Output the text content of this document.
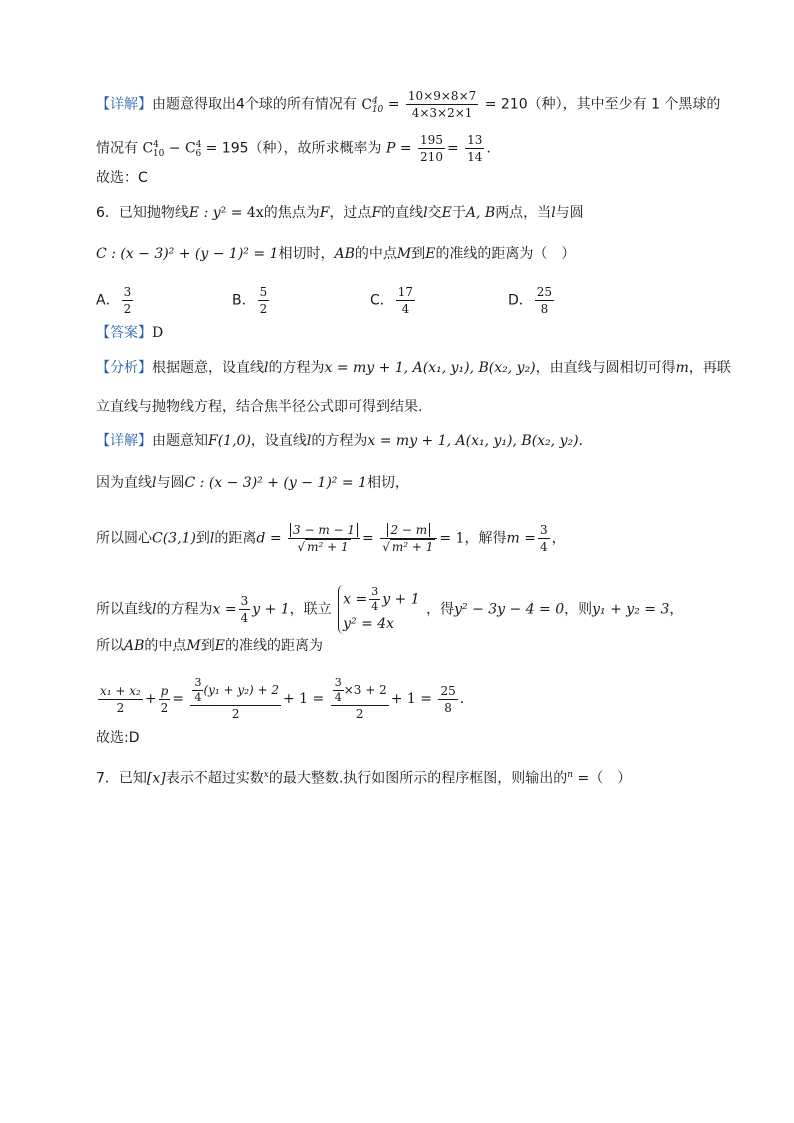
【详解】由题意得取出4个球的所有情况有 $C^4_{10} = \frac{10\times 9\times 8\times 7}{4\times 3\times 2\times 1} = 210$（种），其中至少有 1 个黑球的
情况有 $C^4_{10} - C^4_6 = 195$（种），故所求概率为 $P = \frac{195}{210} = \frac{13}{14}$ .
故选：C
6．已知抛物线E : y² = 4x的焦点为F，过点F的直线l交E于A, B两点，当l与圆
C : (x − 3)² + (y − 1)² = 1相切时，AB的中点M到E的准线的距离为（　）
A． $\frac{3}{2}$	B． $\frac{5}{2}$	C． $\frac{17}{4}$	D． $\frac{25}{8}$
【答案】D
【分析】根据题意，设直线l的方程为x = my + 1, A(x₁, y₁), B(x₂, y₂)，由直线与圆相切可得m，再联
立直线与抛物线方程，结合焦半径公式即可得到结果.
【详解】由题意知F(1,0)，设直线l的方程为x = my + 1, A(x₁, y₁), B(x₂, y₂).
因为直线l与圆C : (x − 3)² + (y − 1)² = 1相切，
所以圆心C(3,1)到l的距离$d = \frac{3 - m - 1}{\text{√ m² + 1}} = \frac{2 - m}{\text{√ m² + 1}} = 1$，解得$m = \frac{3}{4}$ ，
所以直线l的方程为$x = \frac{3}{4}$ y + 1，联立
$x = \frac{3}{4}$ y + 1
y² = 4x
，得y² − 3y − 4 = 0，则y₁ + y₂ = 3，
所以AB的中点M到E的准线的距离为
$\frac{\text{x₁ + x₂}}{2} + \frac{p}{2} = \frac{\frac{3}{4} (y_1 + y_2) + 2}{2} + 1 = \frac{\frac{3}{4} \times 3 + 2}{2} + 1 = \frac{25}{8}$ .
故选:D
7．已知[x]表示不超过实数$^x$的最大整数.执行如图所示的程序框图，则输出的$^n$ =（　）
